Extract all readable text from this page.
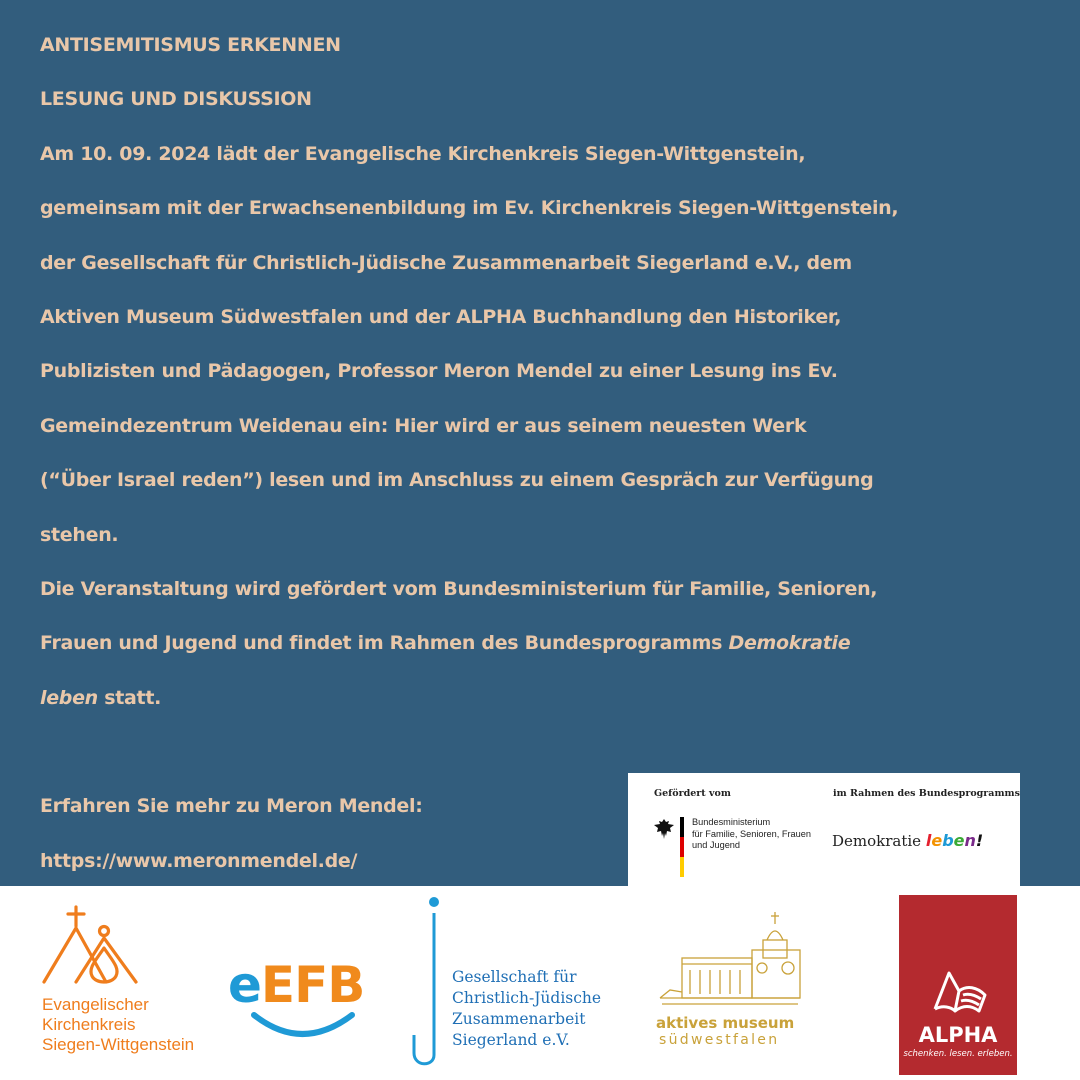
ANTISEMITISMUS ERKENNEN
LESUNG UND DISKUSSION
Am 10. 09. 2024 lädt der Evangelische Kirchenkreis Siegen-Wittgenstein,
gemeinsam mit der Erwachsenenbildung im Ev. Kirchenkreis Siegen-Wittgenstein,
der Gesellschaft für Christlich-Jüdische Zusammenarbeit Siegerland e.V., dem
Aktiven Museum Südwestfalen und der ALPHA Buchhandlung den Historiker,
Publizisten und Pädagogen, Professor Meron Mendel zu einer Lesung ins Ev.
Gemeindezentrum Weidenau ein: Hier wird er aus seinem neuesten Werk
(“Über Israel reden”) lesen und im Anschluss zu einem Gespräch zur Verfügung
stehen.
Die Veranstaltung wird gefördert vom Bundesministerium für Familie, Senioren,
Frauen und Jugend und findet im Rahmen des Bundesprogramms Demokratie
leben statt.
Erfahren Sie mehr zu Meron Mendel:
https://www.meronmendel.de/
Gefördert vom	im Rahmen des Bundesprogramms
Bundesministerium
für Familie, Senioren, Frauen
und Jugend	Demokratie leben!
Evangelischer
Kirchenkreis
Siegen-Wittgenstein
eEFB	Gesellschaft für
Christlich-Jüdische
Zusammenarbeit
Siegerland e.V.
aktives museum
südwestfalen	ALPHA
schenken. lesen. erleben.
